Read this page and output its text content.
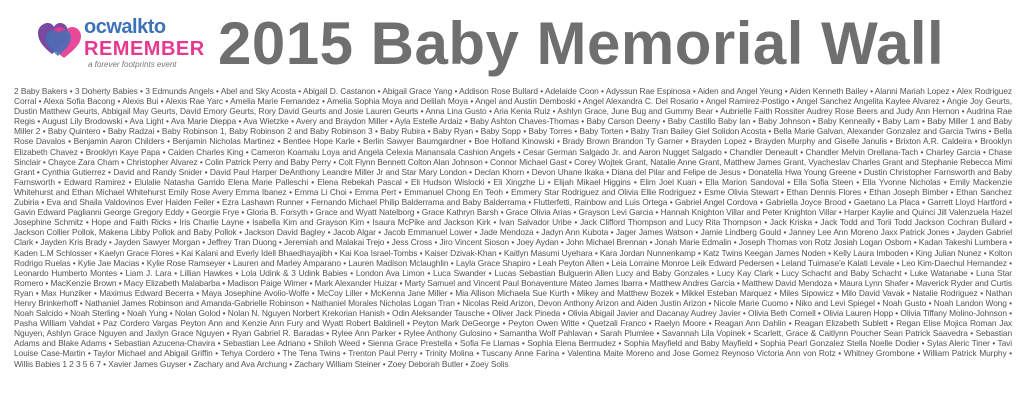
ocwalkto
REMEMBER
a forever footprints event 2015 Baby Memorial Wall
2 Baby Bakers • 3 Doherty Babies • 3 Edmunds Angels • Abel and Sky Acosta • Abigail D. Castanon • Abigail Grace Yang • Addison Rose Bullard • Adelaide Coon • Adyssun Rae Espinosa • Aiden and Angel Yeung • Aiden Kenneth Bailey • Alanni Mariah Lopez • Alex Rodriguez Corral • Alexa Sofia Bacong • Alexis Bui • Alexis Rae Yarc • Amelia Marie Fernandez • Amelia Sophia Moya and Delilah Moya • Angel and Austin Demboski • Angel Alexandra C. Del Rosario • Angel Ramirez-Postigo • Angel Sanchez Angelita Kaylee Alvarez • Angie Joy Geurts, Dustin Matthew Geurts, Abbigail May Geurts, David Emory Geurts, Rory David Geurts and Josie Lauren Geurts • Anna Lina Gusto • Aria Kenia Ruiz • Ashlyn Grace, June Bug and Gummy Bear • Aubrielle Faith Rossiter Audrey Rose Beers and Judy Ann Hernon • Audrina Rae Regis • August Lily Brodowski • Ava Light • Ava Marie Dieppa • Ava Wietzke • Avery and Braydon Miller • Ayla Estelle Ardaiz • Baby Ashton Chaves-Thomas • Baby Carson Deeny • Baby Castillo Baby Ian • Baby Johnson • Baby Kenneally • Baby Lam • Baby Miller 1 and Baby Miller 2 • Baby Quintero • Baby Radzai • Baby Robinson 1, Baby Robinson 2 and Baby Robinson 3 • Baby Rubira • Baby Ryan • Baby Sopp • Baby Torres • Baby Torten • Baby Tran Bailey Giel Solidon Acosta • Bella Marie Galvan, Alexander Gonzalez and Garcia Twins • Bella Rose Davalos • Benjamin Aaron Childers • Benjamin Nicholas Martinez • Bentlee Hope Karle • Berlin Sawyer Baumgardner • Boe Holland Kinowski • Brady Brown Brandon Ty Garner • Brayden Lopez • Brayden Murphy and Giselle Janulis • Brixton A.R. Caldeira • Brooklyn Elizabeth Chavez • Brooklyn Kaye Papa • Caiden Charles King • Cameron Koamalu Loya and Angela Celexia Manansala Cashion Angels • Cesar German Salgado Jr. and Aaron Nugget Salgado • Chandler Deneault • Chandler Melvin Orellana-Tach • Charley Garcia • Chase Sinclair • Chayce Zara Cham • Christopher Alvarez • Colin Patrick Perry and Baby Perry • Colt Flynn Bennett Colton Alan Johnson • Connor Michael Gast • Corey Wojtek Grant, Natalie Anne Grant, Matthew James Grant, Vyacheslav Charles Grant and Stephanie Rebecca Mimi Grant • Cynthia Gutierrez • David and Randy Snider • David Paul Harper DeAnthony Leandre Miller Jr and Star Mary London • Declan Khorn • Devon Uhane Ikaka • Diana del Pilar and Felipe de Jesus • Donatella Hwa Young Greene • Dustin Christopher Farnsworth and Baby Farnsworth • Edward Ramirez • Elulalie Natasha Garrido Elena Marie Palleschi • Elena Rebekah Pascal • Eli Hudson Wislocki • Eli Xingzhe Li • Elijah Mikael Higgins • Elim Joel Kuan • Ella Marion Sandoval • Ella Sofia Steen • Ella Yvonne Nicholas • Emily Mackenzie Whitehurst and Ethan Michael Whitehurst Emily Rose Avery Emma Ibanez • Emma Li Choi • Emma Pert • Emmanuel Chong En Teoh • Emmery Star Rodriguez and Olivia Ellie Rodriguez • Esme Olivia Stewart • Ethan Dennis Flores • Ethan Joseph Bimber • Ethan Sanchez Zubiria • Eva and Shaila Valdovinos Ever Haiden Feiler • Ezra Lashawn Runner • Fernando Michael Philip Balderrama and Baby Balderrama • Flutterfetti, Rainbow and Luis Ortega • Gabriel Angel Cordova • Gabriella Joyce Brood • Gaetano La Placa • Garrett Lloyd Hartford • Gavin Edward Paglianni George Gregory Eddy • Georgie Frye • Gloria B. Forsyth • Grace and Wyatt Natelborg • Grace Kathryn Barsh • Grace Olivia Arias • Grayson Levi Garcia • Hannah Knighton Villar and Peter Knighton Villar • Harper Kaylie and Quinci Jill Valenzuela Hazel Josephine Schmitz • Hope and Faith Ricks • Iris Charlie Layne • Isabella Kim and Grayson Kim • Isaura McPike and Jackson Kirk • Ivan Salvador Uribe • Jack Clifford Thompson and Lucy Rita Thompson • Jack Kriska • Jack Todd and Torii Todd Jackson Cochran Bullard • Jackson Collier Pollok, Makena Libby Pollok and Baby Pollok • Jackson David Bagley • Jacob Algar • Jacob Emmanuel Lower • Jade Mendoza • Jadyn Ann Kubota • Jager James Watson • Jamie Lindberg Gould • Janney Lee Ann Moreno Jaxx Patrick Jones • Jayden Gabriel Clark • Jayden Kris Brady • Jayden Sawyer Morgan • Jeffrey Tran Duong • Jeremiah and Malakai Trejo • Jess Cross • Jiro Vincent Sioson • Joey Aydan • John Michael Brennan • Jonah Marie Edmalin • Joseph Thomas von Rotz Josiah Logan Osborn • Kadan Takeshi Lumbera • Kaden L.M Schlosser • Kaelyn Grace Flores • Kai Kalani and Everly Idell Bhaedhayajibh • Kai Koa Israel-Tombs • Kaiser Dzivak-Khan • Kaitlyn Masumi Uyehara • Kara Jordan Nunnenkamp • Katz Twins Keegan James Noden • Kelly Laura Imboden • King Julian Nunez • Kolton Rodrigo Ruelas • Kylie Jae Macias • Kylie Rose Ramseyer • Lauren and Marley Amparano • Lauren Madison Mclaughlin • Layla Grace Shapiro • Leah Peyton Allen • Leia Lorraine Monroe Leik Edward Pedersen • Leland Tuimase'e Kalati Levale • Leo Kim-Daechul Hernandez • Leonardo Humberto Montes • Liam J. Lara • Lillian Hawkes • Lola Udink & 3 Udink Babies • London Ava Limon • Luca Swander • Lucas Sebastian Bulguerin Allen Lucy and Baby Gonzales • Lucy Kay Clark • Lucy Schacht and Baby Schacht • Luke Watanabe • Luna Star Romero • MacKenzie Brown • Macy Elizabeth Malabarba • Madison Paige Wimer • Mark Alexander Huizar • Marty Samuel and Vincent Paul Bonaventure Mateo James Ibarra • Matthew Andres Garcia • Matthew David Mendoza • Maura Lynn Shafer • Maverick Ryder and Curtis Ryan • Max Hunziker • Maximus Edward Becerra • Maya Josephine Avolio-Wolfe • McCoy Liller • McKenna Jane Miller • Mia Allison Michaela Sue Kurth • Mikey and Matthew Bozek • Mikkel Esteban Marquez • Miles Sipowicz • Milo David Vavak • Natalie Rodriguez • Nathan Henry Brinkerhoff • Nathaniel James Robinson and Amanda-Gabrielle Robinson • Nathaniel Morales Nicholas Logan Tran • Nicolas Reid Arizon, Devon Anthony Arizon and Aiden Justin Arizon • Nicole Marie Cuomo • Niko and Levi Spiegel • Noah Gusto • Noah Landon Wong • Noah Salcido • Noah Sterling • Noah Yung • Nolan Golod • Nolan N. Nguyen Norbert Krekorian Hanish • Odin Aleksander Tausche • Oliver Jack Pineda • Olivia Abigail Javier and Dacanay Audrey Javier • Olivia Beth Cornell • Olivia Lauren Hopp • Olivia Tiffany Molino-Johnson • Pasha William Vahdat • Paz Cordero Vargas Peyton Ann and Kenzie Ann Fury and Wyatt Robert Baldinell • Peyton Mark DeGeorge • Peyton Owen Witte • Quetzali Franco • Raelyn Moore • Reagan Ann Dahlin • Reagan Elizabeth Sublett • Regan Elise Mojica Roman Jax Nguyen, Ashlyn Grace Nguyen and Jaxlyn Grace Nguyen • Ryan Gabriel R. Baradas • Rylee Ann Parker • Rylee Anthony Gulosino • Samantha Wolf Pahlavan • Sarah Plumlee • Savannah Lila Vopinek • Scarlett, Grace & Caitlynn Poucher Sean Patrick Saavedra • Sebastian Adams and Blake Adams • Sebastian Azucena-Chavira • Sebastian Lee Adriano • Shiloh Weed • Sienna Grace Prestella • Sofia Fe Llamas • Sophia Elena Bermudez • Sophia Mayfield and Baby Mayfield • Sophia Pearl Gonzalez Stella Noelle Dodier • Sylas Aleric Tiner • Tavi Louise Case-Martin • Taylor Michael and Abigail Griffin • Tehya Cordero • The Tena Twins • Trenton Paul Perry • Trinity Molina • Tuscany Anne Farina • Valentina Maite Moreno and Jose Gomez Reynoso Victoria Ann von Rotz • Whitney Grombone • William Patrick Murphy • Willis Babies 1 2 3 5 6 7 • Xavier James Guyser • Zachary and Ava Archung • Zachary William Steiner • Zoey Deborah Butler • Zoey Solis
